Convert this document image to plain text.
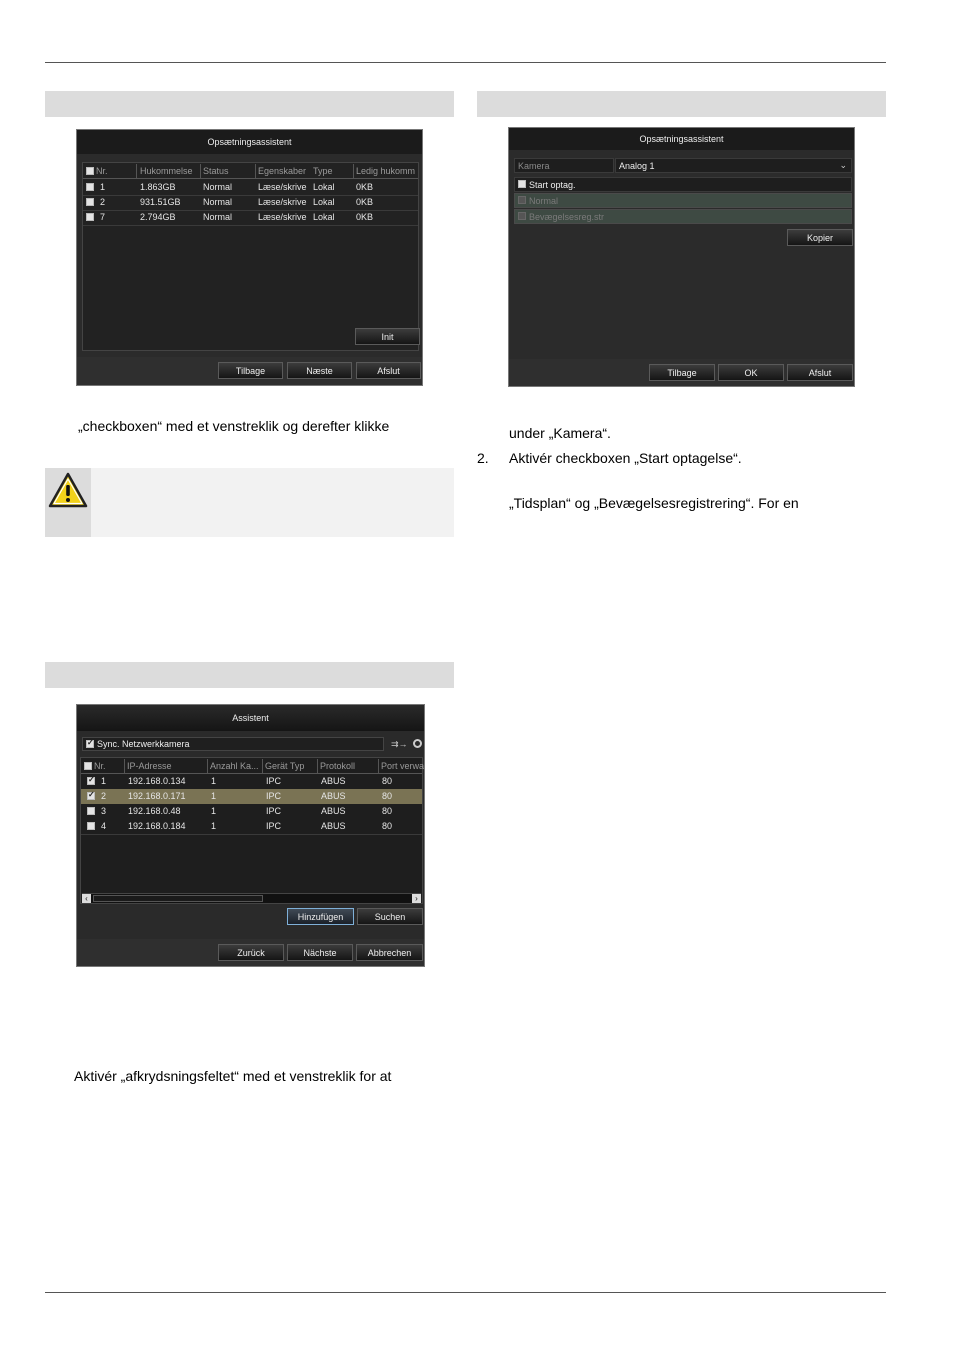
Opsætningsassistent
Nr.	Hukommelse Status	Egenskaber Type	Ledig hukomm
1	1.863GB	Normal	Læse/skrive Lokal 0KB
2	931.51GB Normal	Læse/skrive Lokal 0KB
7	2.794GB	Normal	Læse/skrive Lokal 0KB
Init
Tilbage	Næste	Afslut
„checkboxen“ med et venstreklik og derefter klikke
Assistent
✓
Sync. Netzwerkkamera	⇉→
Nr. IP-Adresse	Anzahl Ka... Gerät Typ Protokoll	Port verwa
✓
1 192.168.0.134	1	IPC	ABUS	80
✓
2 192.168.0.171	1	IPC	ABUS	80
3 192.168.0.48	1	IPC	ABUS	80
4 192.168.0.184	1	IPC	ABUS	80
‹	›
Hinzufügen	Suchen
Zurück	Nächste	Abbrechen
Aktivér „afkrydsningsfeltet“ med et venstreklik for at
Opsætningsassistent
Kamera	Analog 1	⌄
Start optag.
Normal
Bevægelsesreg.str
Kopier
Tilbage	OK	Afslut
under „Kamera“.
2. Aktivér checkboxen „Start optagelse“.
„Tidsplan“ og „Bevægelsesregistrering“. For en
